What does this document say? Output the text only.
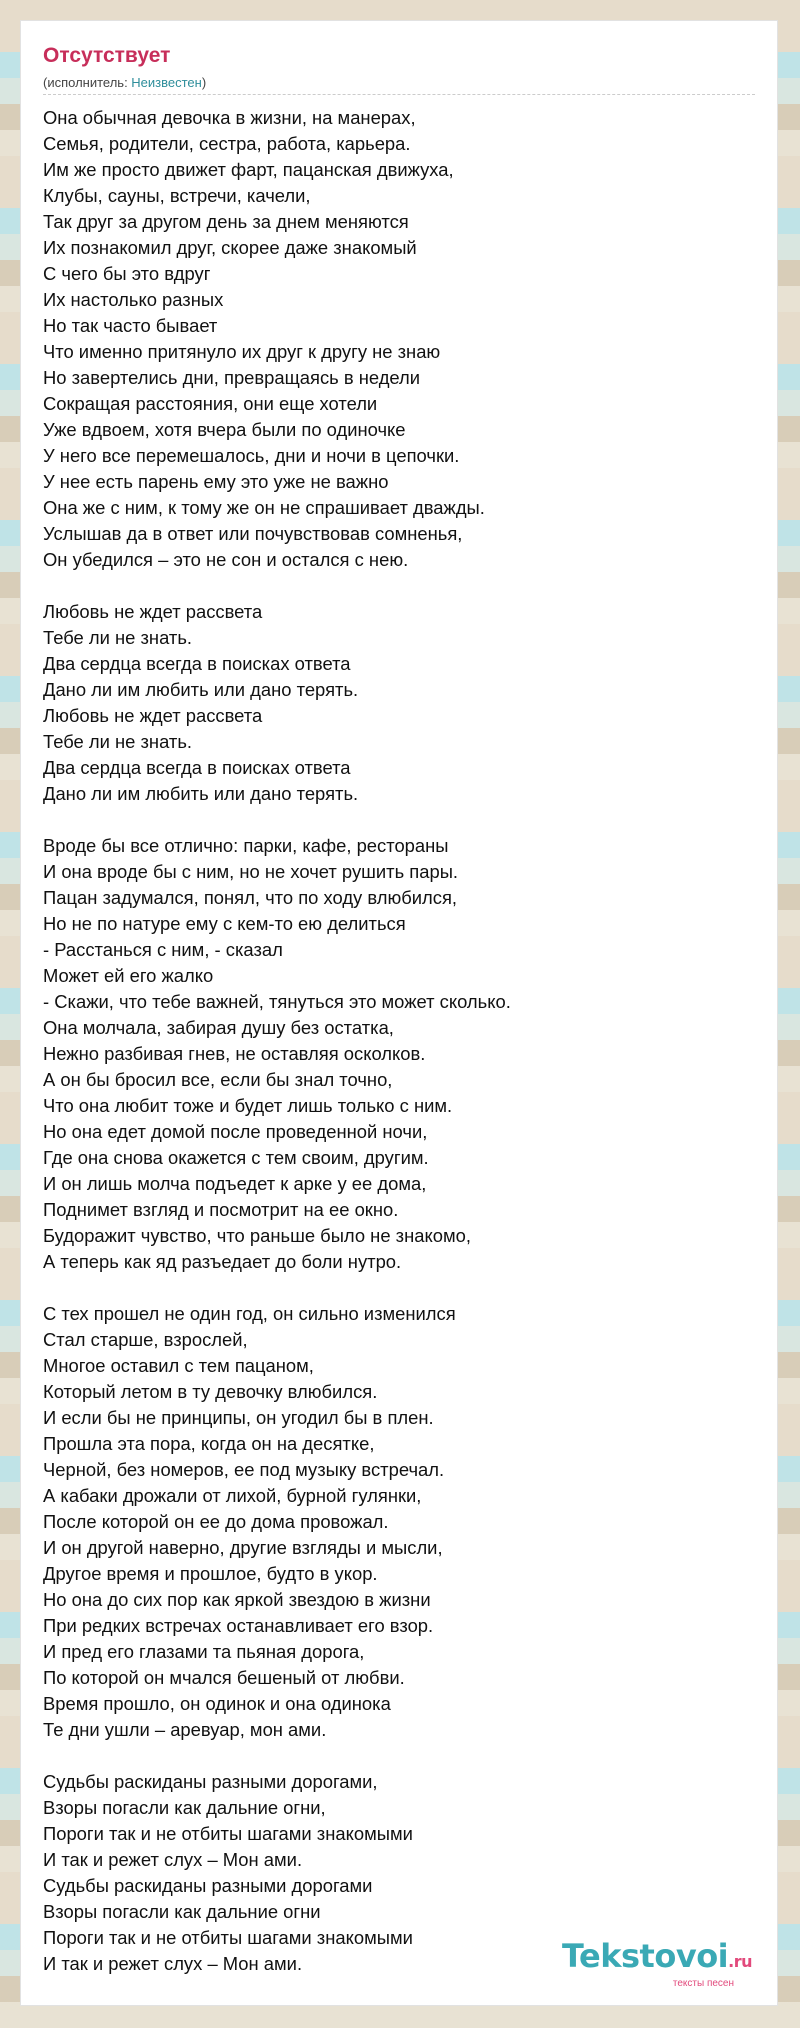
Отсутствует
(исполнитель: Неизвестен)
Она обычная девочка в жизни, на манерах,
Семья, родители, сестра, работа, карьера.
Им же просто движет фарт, пацанская движуха,
Клубы, сауны, встречи, качели,
Так друг за другом день за днем меняются
Их познакомил друг, скорее даже знакомый
С чего бы это вдруг
Их настолько разных
Но так часто бывает
Что именно притянуло их друг к другу не знаю
Но завертелись дни, превращаясь в недели
Сокращая расстояния, они еще хотели
Уже вдвоем, хотя вчера были по одиночке
У него все перемешалось, дни и ночи в цепочки.
У нее есть парень ему это уже не важно
Она же с ним, к тому же он не спрашивает дважды.
Услышав да в ответ или почувствовав сомненья,
Он убедился – это не сон и остался с нею.
Любовь не ждет рассвета
Тебе ли не знать.
Два сердца всегда в поисках ответа
Дано ли им любить или дано терять.
Любовь не ждет рассвета
Тебе ли не знать.
Два сердца всегда в поисках ответа
Дано ли им любить или дано терять.
Вроде бы все отлично: парки, кафе, рестораны
И она вроде бы с ним, но не хочет рушить пары.
Пацан задумался, понял, что по ходу влюбился,
Но не по натуре ему с кем-то ею делиться
- Расстанься с ним, - сказал
Может ей его жалко
- Скажи, что тебе важней, тянуться это может сколько.
Она молчала, забирая душу без остатка,
Нежно разбивая гнев, не оставляя осколков.
А он бы бросил все, если бы знал точно,
Что она любит тоже и будет лишь только с ним.
Но она едет домой после проведенной ночи,
Где она снова окажется с тем своим, другим.
И он лишь молча подъедет к арке у ее дома,
Поднимет взгляд и посмотрит на ее окно.
Будоражит чувство, что раньше было не знакомо,
А теперь как яд разъедает до боли нутро.
С тех прошел не один год, он сильно изменился
Стал старше, взрослей,
Многое оставил с тем пацаном,
Который летом в ту девочку влюбился.
И если бы не принципы, он угодил бы в плен.
Прошла эта пора, когда он на десятке,
Черной, без номеров, ее под музыку встречал.
А кабаки дрожали от лихой, бурной гулянки,
После которой он ее до дома провожал.
И он другой наверно, другие взгляды и мысли,
Другое время и прошлое, будто в укор.
Но она до сих пор как яркой звездою в жизни
При редких встречах останавливает его взор.
И пред его глазами та пьяная дорога,
По которой он мчался бешеный от любви.
Время прошло, он одинок и она одинока
Те дни ушли – аревуар, мон ами.
Судьбы раскиданы разными дорогами,
Взоры погасли как дальние огни,
Пороги так и не отбиты шагами знакомыми
И так и режет слух – Мон ами.
Судьбы раскиданы разными дорогами
Взоры погасли как дальние огни
Пороги так и не отбиты шагами знакомыми
И так и режет слух – Мон ами.	Tekstovoi.ru
тексты песен
